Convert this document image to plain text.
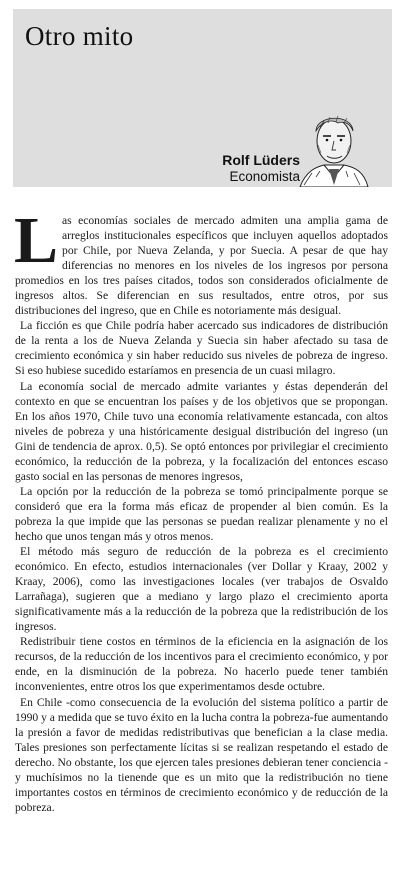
Otro mito
Rolf Lüders
Economista

Las economías sociales de mercado admiten una amplia gama de arreglos institucionales específicos que incluyen aquellos adoptados por Chile, por Nueva Zelanda, y por Suecia. A pesar de que hay diferencias no menores en los niveles de los ingresos por persona promedios en los tres países citados, todos son considerados oficialmente de ingresos altos. Se diferencian en sus resultados, entre otros, por sus distribuciones del ingreso, que en Chile es notoriamente más desigual.

La ficción es que Chile podría haber acercado sus indicadores de distribución de la renta a los de Nueva Zelanda y Suecia sin haber afectado su tasa de crecimiento económica y sin haber reducido sus niveles de pobreza de ingreso. Si eso hubiese sucedido estaríamos en presencia de un cuasi milagro.

La economía social de mercado admite variantes y éstas dependerán del contexto en que se encuentran los países y de los objetivos que se propongan. En los años 1970, Chile tuvo una economía relativamente estancada, con altos niveles de pobreza y una históricamente desigual distribución del ingreso (un Gini de tendencia de aprox. 0,5). Se optó entonces por privilegiar el crecimiento económico, la reducción de la pobreza, y la focalización del entonces escaso gasto social en las personas de menores ingresos,

La opción por la reducción de la pobreza se tomó principalmente porque se consideró que era la forma más eficaz de propender al bien común. Es la pobreza la que impide que las personas se puedan realizar plenamente y no el hecho que unos tengan más y otros menos.

El método más seguro de reducción de la pobreza es el crecimiento económico. En efecto, estudios internacionales (ver Dollar y Kraay, 2002 y Kraay, 2006), como las investigaciones locales (ver trabajos de Osvaldo Larrañaga), sugieren que a mediano y largo plazo el crecimiento aporta significativamente más a la reducción de la pobreza que la redistribución de los ingresos.

Redistribuir tiene costos en términos de la eficiencia en la asignación de los recursos, de la reducción de los incentivos para el crecimiento económico, y por ende, en la disminución de la pobreza. No hacerlo puede tener también inconvenientes, entre otros los que experimentamos desde octubre.

En Chile -como consecuencia de la evolución del sistema político a partir de 1990 y a medida que se tuvo éxito en la lucha contra la pobreza-fue aumentando la presión a favor de medidas redistributivas que benefician a la clase media. Tales presiones son perfectamente lícitas si se realizan respetando el estado de derecho. No obstante, los que ejercen tales presiones debieran tener conciencia -y muchísimos no la tienende que es un mito que la redistribución no tiene importantes costos en términos de crecimiento económico y de reducción de la pobreza.
